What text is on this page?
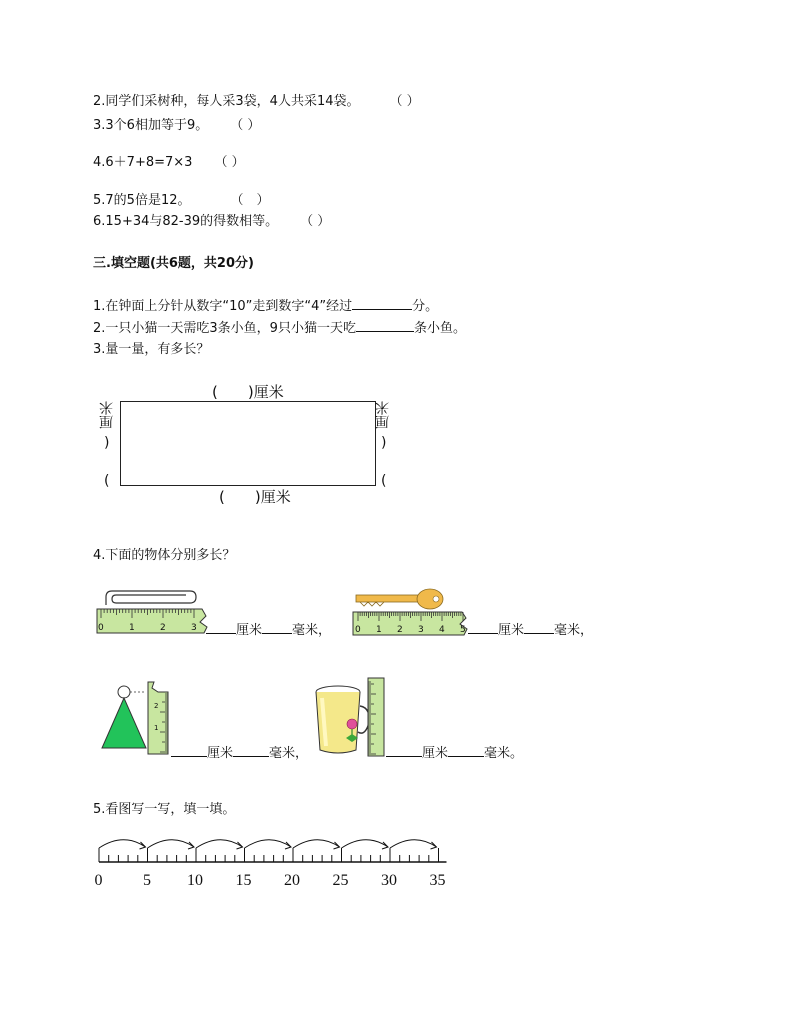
2.同学们采树种，每人采3袋，4人共采14袋。 （ ）
3.3个6相加等于9。 （ ）
4.6＋7+8=7×3 （ ）
5.7的5倍是12。	（　）
6.15+34与82-39的得数相等。 （ ）
三.填空题(共6题，共20分)
1.在钟面上分针从数字“10”走到数字“4”经过	分。
2.一只小猫一天需吃3条小鱼，9只小猫一天吃	条小鱼。
3.量一量，有多长？
(　　)厘米
(　　)厘米
厘米
)
(
厘米
)
(
4.下面的物体分别多长？
0	1	2	3	厘米 毫米，	0 1 2 3 4 5	厘米 毫米，
1
2
厘米	毫米，	厘米	毫米。
5.看图写一写，填一填。
0	5 10 15 20 25 30 35
